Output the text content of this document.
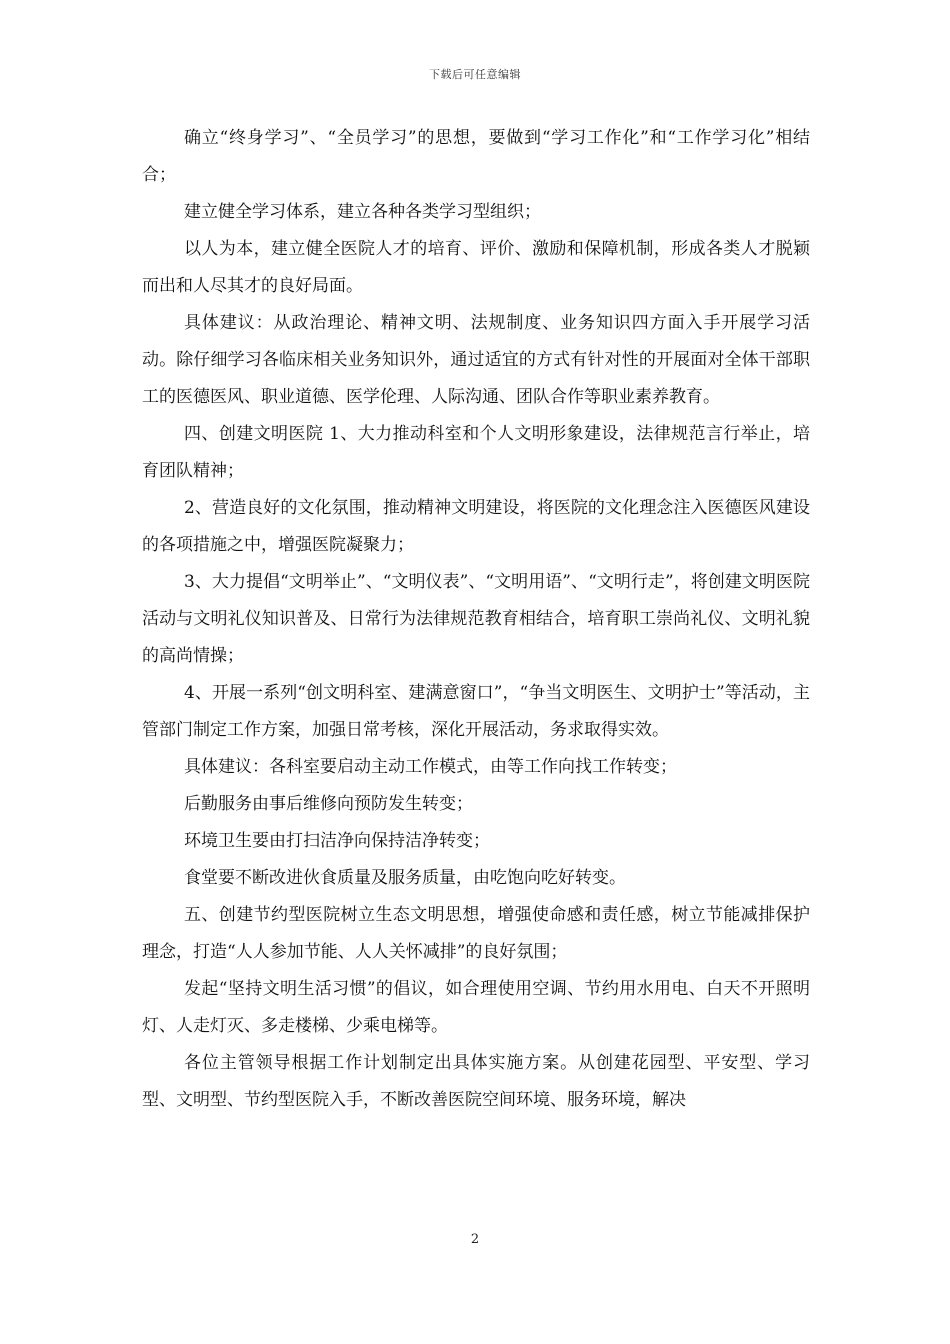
下载后可任意编辑

确立“终身学习”、“全员学习”的思想，要做到“学习工作化”和“工作学习化”相结合；

建立健全学习体系，建立各种各类学习型组织；

以人为本，建立健全医院人才的培育、评价、激励和保障机制，形成各类人才脱颖而出和人尽其才的良好局面。

具体建议：从政治理论、精神文明、法规制度、业务知识四方面入手开展学习活动。除仔细学习各临床相关业务知识外，通过适宜的方式有针对性的开展面对全体干部职工的医德医风、职业道德、医学伦理、人际沟通、团队合作等职业素养教育。

四、创建文明医院 1、大力推动科室和个人文明形象建设，法律规范言行举止，培育团队精神；

2、营造良好的文化氛围，推动精神文明建设，将医院的文化理念注入医德医风建设的各项措施之中，增强医院凝聚力；

3、大力提倡“文明举止”、“文明仪表”、“文明用语”、“文明行走”，将创建文明医院活动与文明礼仪知识普及、日常行为法律规范教育相结合，培育职工崇尚礼仪、文明礼貌的高尚情操；

4、开展一系列“创文明科室、建满意窗口”，“争当文明医生、文明护士”等活动，主管部门制定工作方案，加强日常考核，深化开展活动，务求取得实效。

具体建议：各科室要启动主动工作模式，由等工作向找工作转变；

后勤服务由事后维修向预防发生转变；

环境卫生要由打扫洁净向保持洁净转变；

食堂要不断改进伙食质量及服务质量，由吃饱向吃好转变。

五、创建节约型医院树立生态文明思想，增强使命感和责任感，树立节能减排保护理念，打造“人人参加节能、人人关怀减排”的良好氛围；

发起“坚持文明生活习惯”的倡议，如合理使用空调、节约用水用电、白天不开照明灯、人走灯灭、多走楼梯、少乘电梯等。

各位主管领导根据工作计划制定出具体实施方案。从创建花园型、平安型、学习型、文明型、节约型医院入手，不断改善医院空间环境、服务环境，解决

2
